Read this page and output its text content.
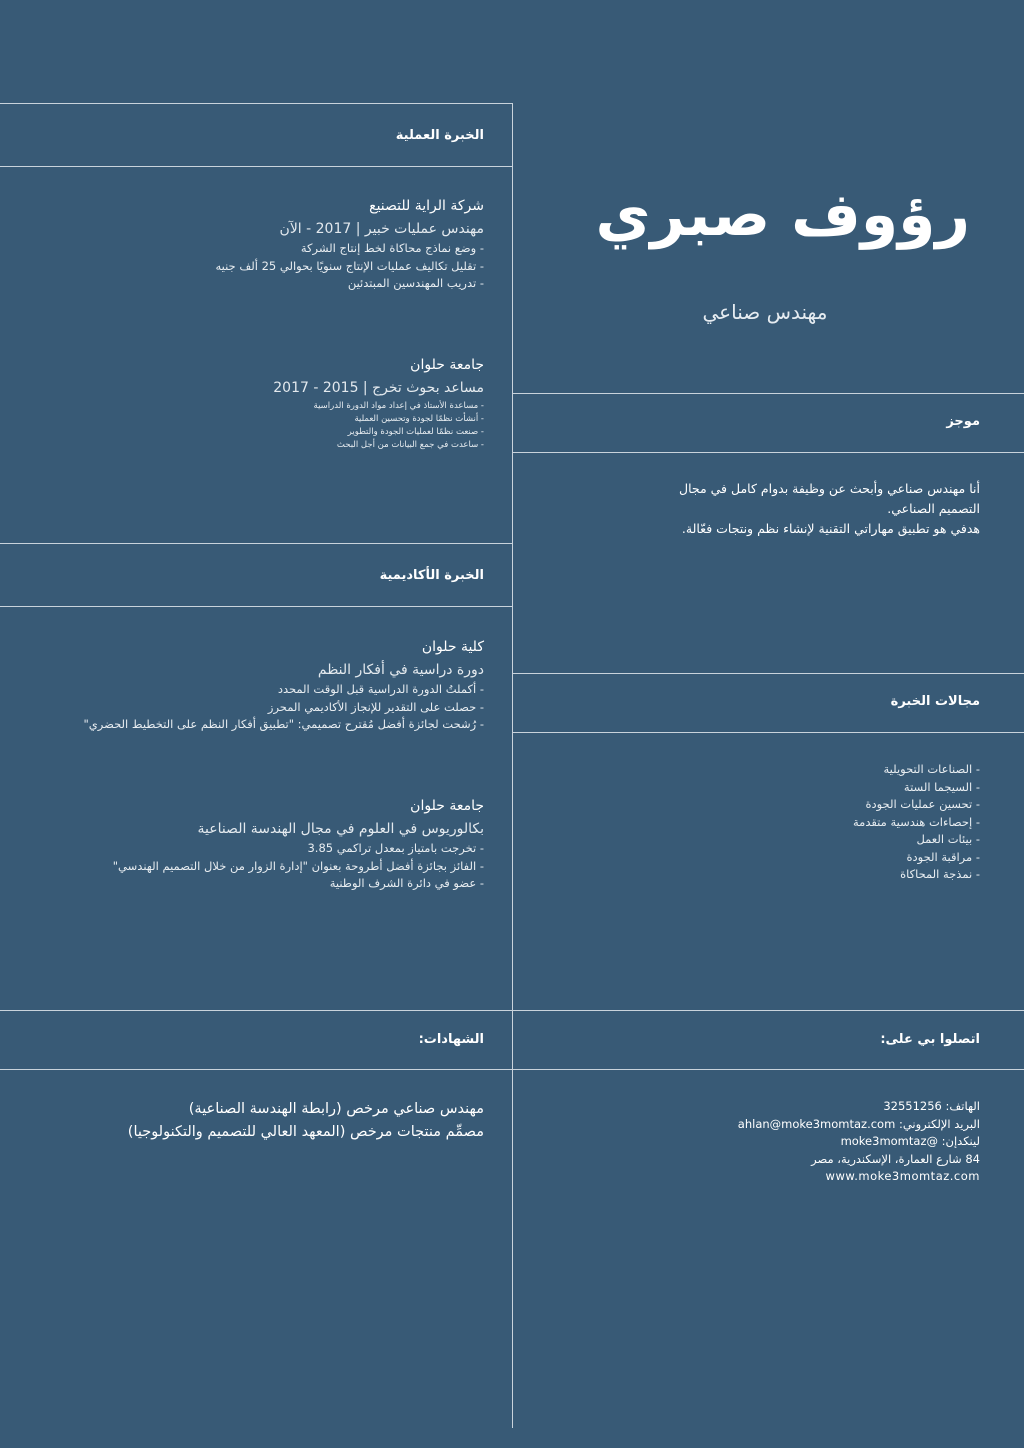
رؤوف صبري
مهندس صناعي
موجز
أنا مهندس صناعي وأبحث عن وظيفة بدوام كامل في مجال
التصميم الصناعي.
هدفي هو تطبيق مهاراتي التقنية لإنشاء نظم ونتجات فعّالة.
مجالات الخبرة
- الصناعات التحويلية
- السيجما الستة
- تحسين عمليات الجودة
- إحصاءات هندسية متقدمة
- بيئات العمل
- مراقبة الجودة
- نمذجة المحاكاة
اتصلوا بي على:
الهاتف: 32551256
البريد الإلكتروني: ahlan@moke3momtaz.com
لينكدإن: @moke3momtaz
84 شارع العمارة، الإسكندرية، مصر
www.moke3momtaz.com
الخبرة العملية
شركة الراية للتصنيع
مهندس عمليات خبير | 2017 - الآن
- وضع نماذج محاكاة لخط إنتاج الشركة
- تقليل تكاليف عمليات الإنتاج سنويًا بحوالي 25 ألف جنيه
- تدريب المهندسين المبتدئين
جامعة حلوان
مساعد بحوث تخرج | 2015 - 2017
- مساعدة الأستاذ في إعداد مواد الدورة الدراسية
- أنشأت نظمًا لجودة وتحسين العملية
- صنعت نظمًا لعمليات الجودة والتطوير
- ساعدت في جمع البيانات من أجل البحث
الخبرة الأكاديمية
كلية حلوان
دورة دراسية في أفكار النظم
- أكملتُ الدورة الدراسية قبل الوقت المحدد
- حصلت على التقدير للإنجاز الأكاديمي المحرز
- رُشحت لجائزة أفضل مُقترح تصميمي: "تطبيق أفكار النظم على التخطيط الحضري"
جامعة حلوان
بكالوريوس في العلوم في مجال الهندسة الصناعية
- تخرجت بامتياز بمعدل تراكمي 3.85
- الفائز بجائزة أفضل أطروحة بعنوان "إدارة الزوار من خلال التصميم الهندسي"
- عضو في دائرة الشرف الوطنية
الشهادات:
مهندس صناعي مرخص (رابطة الهندسة الصناعية)
مصمِّم منتجات مرخص (المعهد العالي للتصميم والتكنولوجيا)
